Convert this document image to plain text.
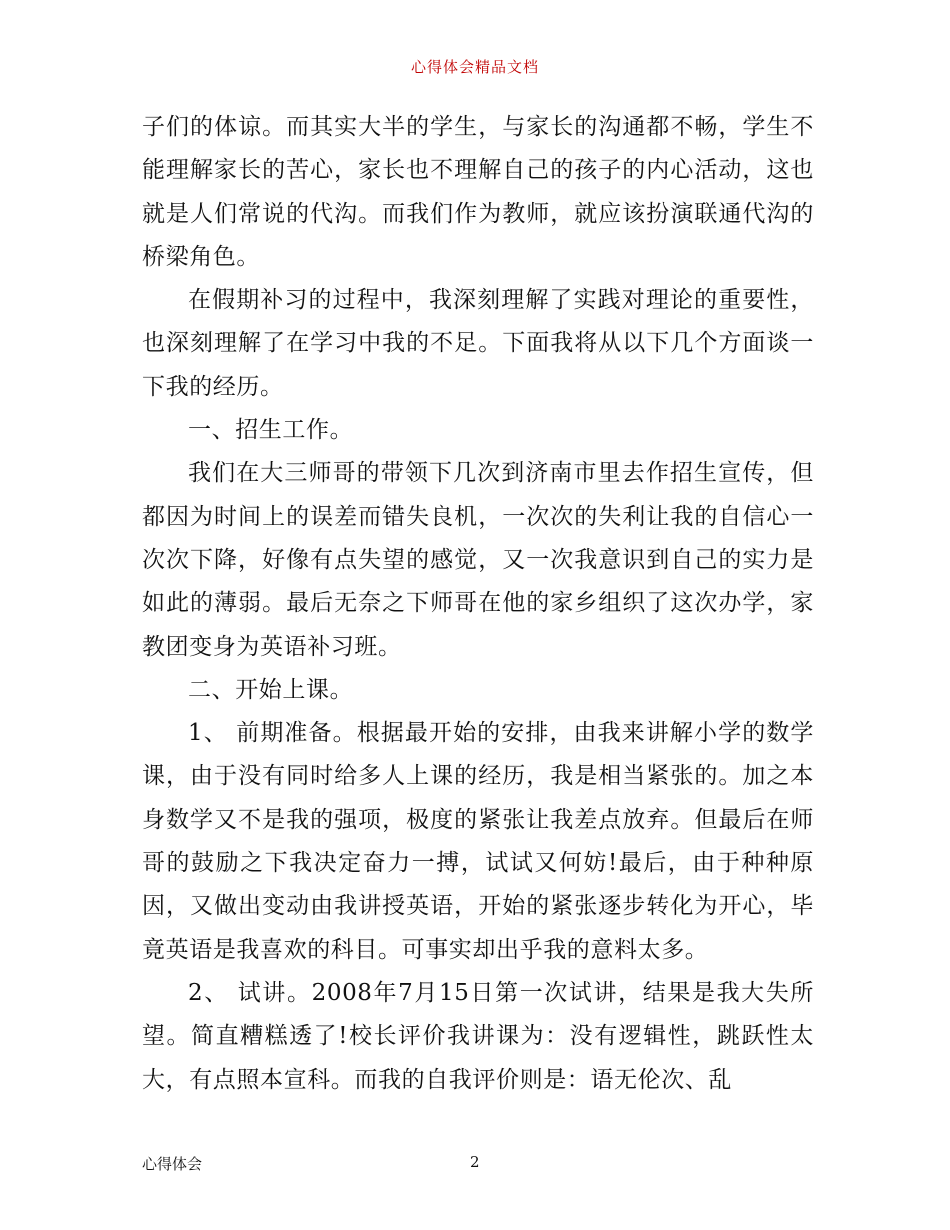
心得体会精品文档

子们的体谅。而其实大半的学生，与家长的沟通都不畅，学生不能理解家长的苦心，家长也不理解自己的孩子的内心活动，这也就是人们常说的代沟。而我们作为教师，就应该扮演联通代沟的桥梁角色。

在假期补习的过程中，我深刻理解了实践对理论的重要性，也深刻理解了在学习中我的不足。下面我将从以下几个方面谈一下我的经历。

一、招生工作。

我们在大三师哥的带领下几次到济南市里去作招生宣传，但都因为时间上的误差而错失良机，一次次的失利让我的自信心一次次下降，好像有点失望的感觉，又一次我意识到自己的实力是如此的薄弱。最后无奈之下师哥在他的家乡组织了这次办学，家教团变身为英语补习班。

二、开始上课。

1、 前期准备。根据最开始的安排，由我来讲解小学的数学课，由于没有同时给多人上课的经历，我是相当紧张的。加之本身数学又不是我的强项，极度的紧张让我差点放弃。但最后在师哥的鼓励之下我决定奋力一搏，试试又何妨!最后，由于种种原因，又做出变动由我讲授英语，开始的紧张逐步转化为开心，毕竟英语是我喜欢的科目。可事实却出乎我的意料太多。

2、 试讲。2008年7月15日第一次试讲，结果是我大失所望。简直糟糕透了!校长评价我讲课为：没有逻辑性，跳跃性太大，有点照本宣科。而我的自我评价则是：语无伦次、乱

心得体会	2
